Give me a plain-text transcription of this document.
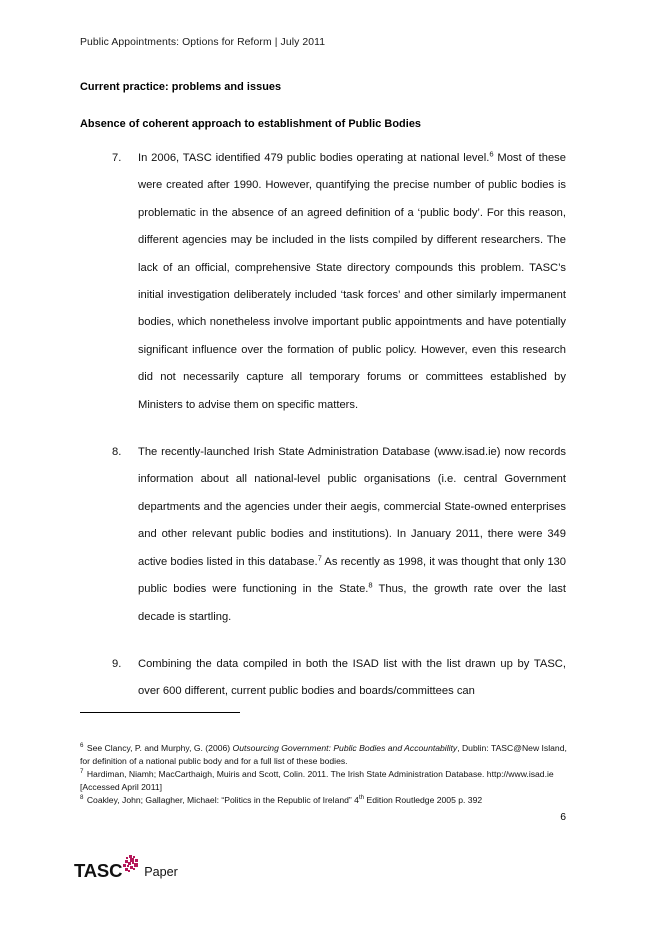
Public Appointments: Options for Reform | July 2011
Current practice: problems and issues
Absence of coherent approach to establishment of Public Bodies
7.	In 2006, TASC identified 479 public bodies operating at national level.$^6$ Most of these were created after 1990. However, quantifying the precise number of public bodies is problematic in the absence of an agreed definition of a ‘public body’. For this reason, different agencies may be included in the lists compiled by different researchers. The lack of an official, comprehensive State directory compounds this problem. TASC’s initial investigation deliberately included ‘task forces’ and other similarly impermanent bodies, which nonetheless involve important public appointments and have potentially significant influence over the formation of public policy. However, even this research did not necessarily capture all temporary forums or committees established by Ministers to advise them on specific matters.
8.	The recently-launched Irish State Administration Database (www.isad.ie) now records information about all national-level public organisations (i.e. central Government departments and the agencies under their aegis, commercial State-owned enterprises and other relevant public bodies and institutions). In January 2011, there were 349 active bodies listed in this database.$^7$ As recently as 1998, it was thought that only 130 public bodies were functioning in the State.$^8$ Thus, the growth rate over the last decade is startling.
9.	Combining the data compiled in both the ISAD list with the list drawn up by TASC, over 600 different, current public bodies and boards/committees can

$^6$ See Clancy, P. and Murphy, G. (2006) Outsourcing Government: Public Bodies and Accountability, Dublin: TASC@New Island, for definition of a national public body and for a full list of these bodies.

$^7$ Hardiman, Niamh; MacCarthaigh, Muiris and Scott, Colin. 2011. The Irish State Administration Database. http://www.isad.ie [Accessed April 2011]

$^8$ Coakley, John; Gallagher, Michael: “Politics in the Republic of Ireland” 4th Edition Routledge 2005 p. 392

6
TASC Paper
